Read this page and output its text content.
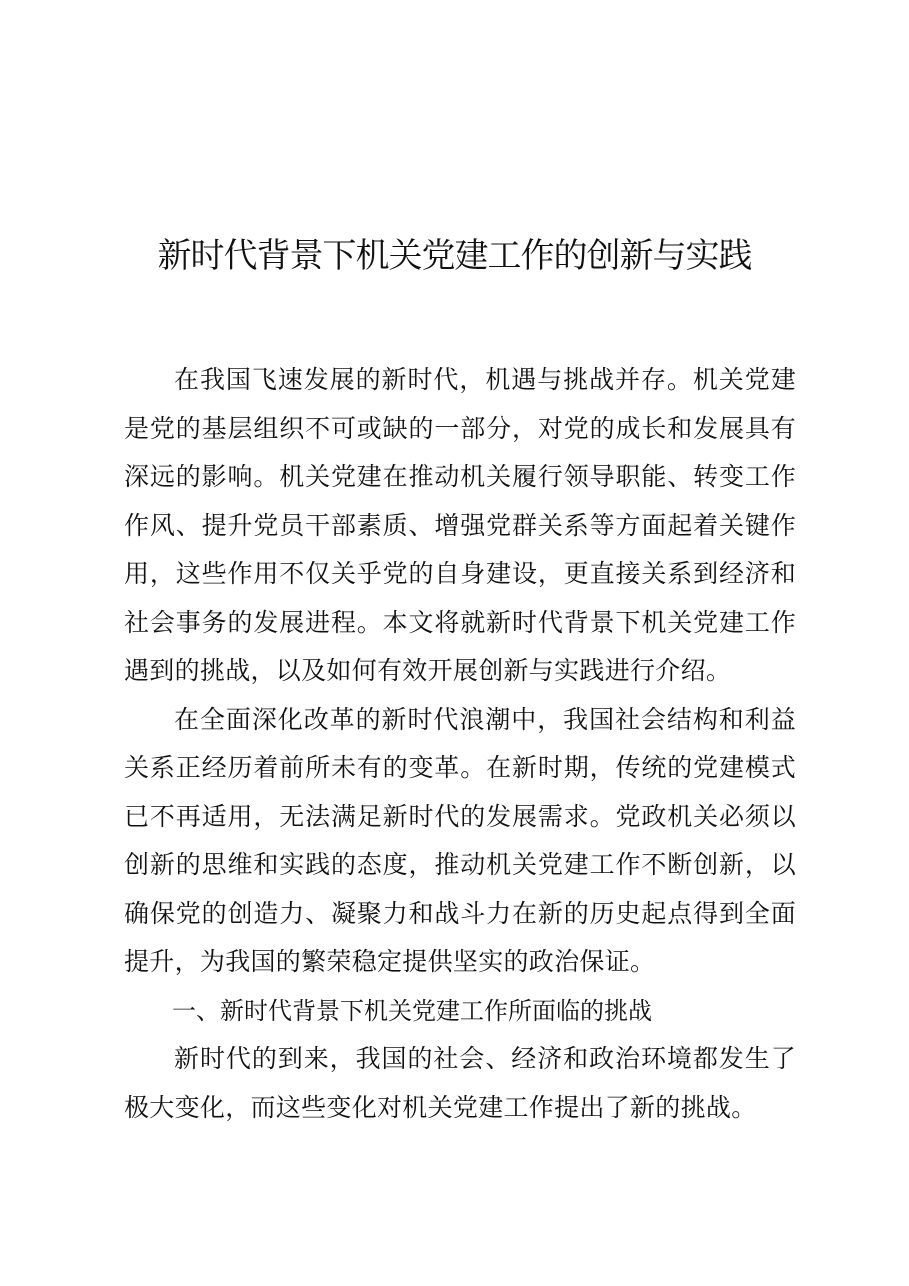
新时代背景下机关党建工作的创新与实践

在我国飞速发展的新时代，机遇与挑战并存。机关党建是党的基层组织不可或缺的一部分，对党的成长和发展具有深远的影响。机关党建在推动机关履行领导职能、转变工作作风、提升党员干部素质、增强党群关系等方面起着关键作用，这些作用不仅关乎党的自身建设，更直接关系到经济和社会事务的发展进程。本文将就新时代背景下机关党建工作遇到的挑战，以及如何有效开展创新与实践进行介绍。

在全面深化改革的新时代浪潮中，我国社会结构和利益关系正经历着前所未有的变革。在新时期，传统的党建模式已不再适用，无法满足新时代的发展需求。党政机关必须以创新的思维和实践的态度，推动机关党建工作不断创新，以确保党的创造力、凝聚力和战斗力在新的历史起点得到全面提升，为我国的繁荣稳定提供坚实的政治保证。

一、新时代背景下机关党建工作所面临的挑战

新时代的到来，我国的社会、经济和政治环境都发生了极大变化，而这些变化对机关党建工作提出了新的挑战。
